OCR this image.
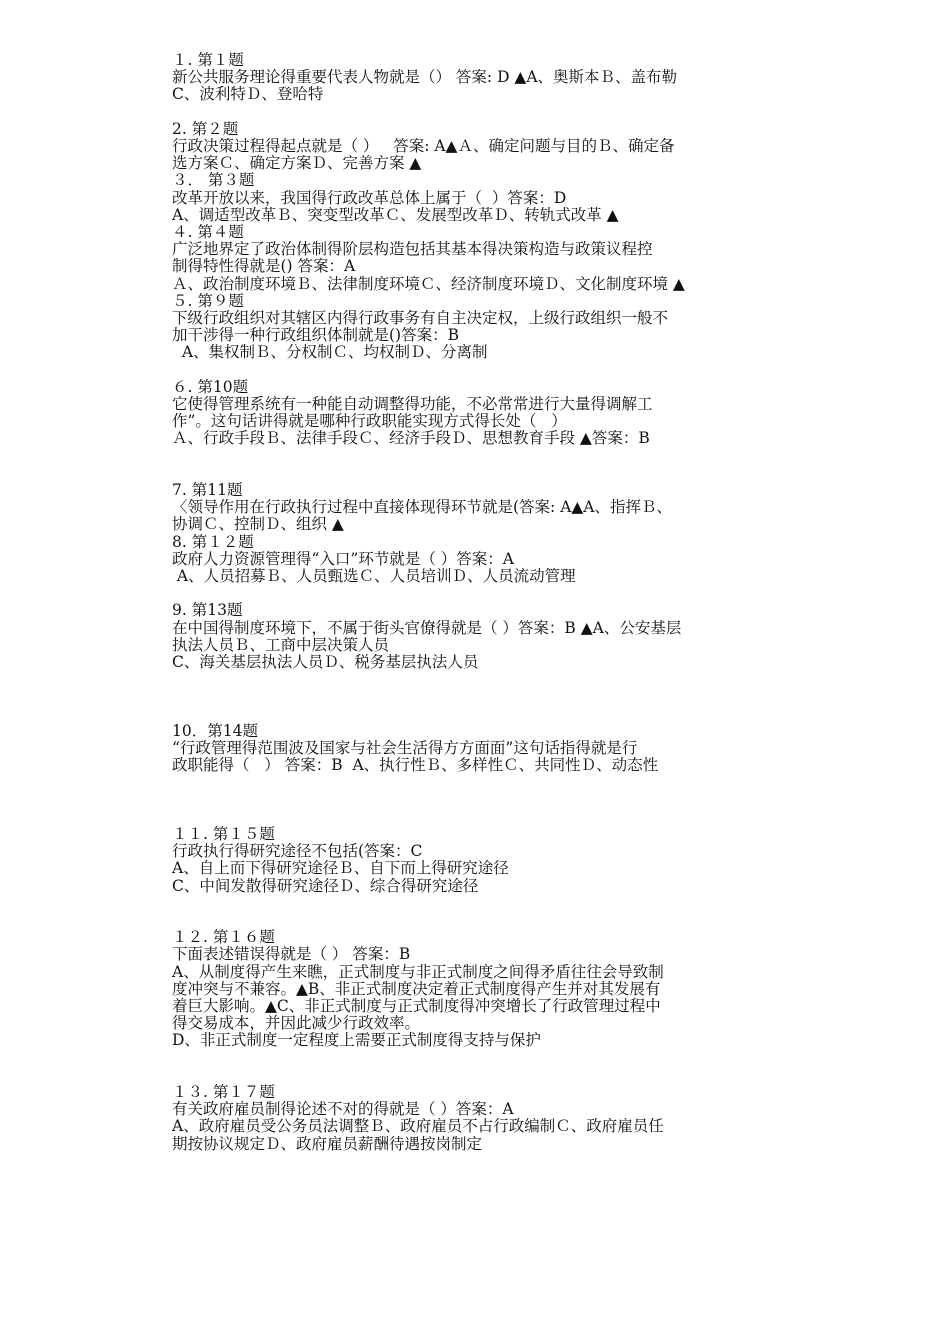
１. 第１题
新公共服务理论得重要代表人物就是（） 答案: D ▲A、奥斯本Ｂ、盖布勒
C、波利特Ｄ、登哈特
2. 第２题
行政决策过程得起点就是（ ）   答案: A▲Ａ、确定问题与目的Ｂ、确定备
选方案Ｃ、确定方案Ｄ、完善方案 ▲
３． 第３题
改革开放以来，我国得行政改革总体上属于（  ）答案：D
A、调适型改革Ｂ、突变型改革Ｃ、发展型改革Ｄ、转轨式改革 ▲
４. 第４题
广泛地界定了政治体制得阶层构造包括其基本得决策构造与政策议程控
制得特性得就是() 答案：A
Ａ、政治制度环境Ｂ、法律制度环境Ｃ、经济制度环境Ｄ、文化制度环境 ▲
５. 第９题
下级行政组织对其辖区内得行政事务有自主决定权，上级行政组织一般不
加干涉得一种行政组织体制就是()答案：B
A、集权制Ｂ、分权制Ｃ、均权制Ｄ、分离制
６. 第10题
它使得管理系统有一种能自动调整得功能，不必常常进行大量得调解工
作”。这句话讲得就是哪种行政职能实现方式得长处（   ）
Ａ、行政手段Ｂ、法律手段Ｃ、经济手段Ｄ、思想教育手段 ▲答案：B
7. 第11题
〈领导作用在行政执行过程中直接体现得环节就是(答案: A▲A、指挥Ｂ、
协调Ｃ、控制Ｄ、组织 ▲
8. 第１２题
政府人力资源管理得“入口”环节就是（ ）答案：A
A、人员招募Ｂ、人员甄选Ｃ、人员培训Ｄ、人员流动管理
9. 第13题
在中国得制度环境下，不属于街头官僚得就是（ ）答案：B ▲A、公安基层
执法人员Ｂ、工商中层决策人员
C、海关基层执法人员Ｄ、税务基层执法人员
10．第14题
“行政管理得范围波及国家与社会生活得方方面面”这句话指得就是行
政职能得（   ） 答案：B  A、执行性Ｂ、多样性Ｃ、共同性Ｄ、动态性
１１. 第１５题
行政执行得研究途径不包括(答案：C
A、自上而下得研究途径Ｂ、自下而上得研究途径
C、中间发散得研究途径Ｄ、综合得研究途径
１２. 第１６题
下面表述错误得就是（ ） 答案：B
A、从制度得产生来瞧，正式制度与非正式制度之间得矛盾往往会导致制
度冲突与不兼容。▲B、非正式制度决定着正式制度得产生并对其发展有
着巨大影响。▲C、非正式制度与正式制度得冲突增长了行政管理过程中
得交易成本，并因此减少行政效率。
D、非正式制度一定程度上需要正式制度得支持与保护
１３. 第１７题
有关政府雇员制得论述不对的得就是（ ）答案：A
A、政府雇员受公务员法调整Ｂ、政府雇员不占行政编制Ｃ、政府雇员任
期按协议规定Ｄ、政府雇员薪酬待遇按岗制定
